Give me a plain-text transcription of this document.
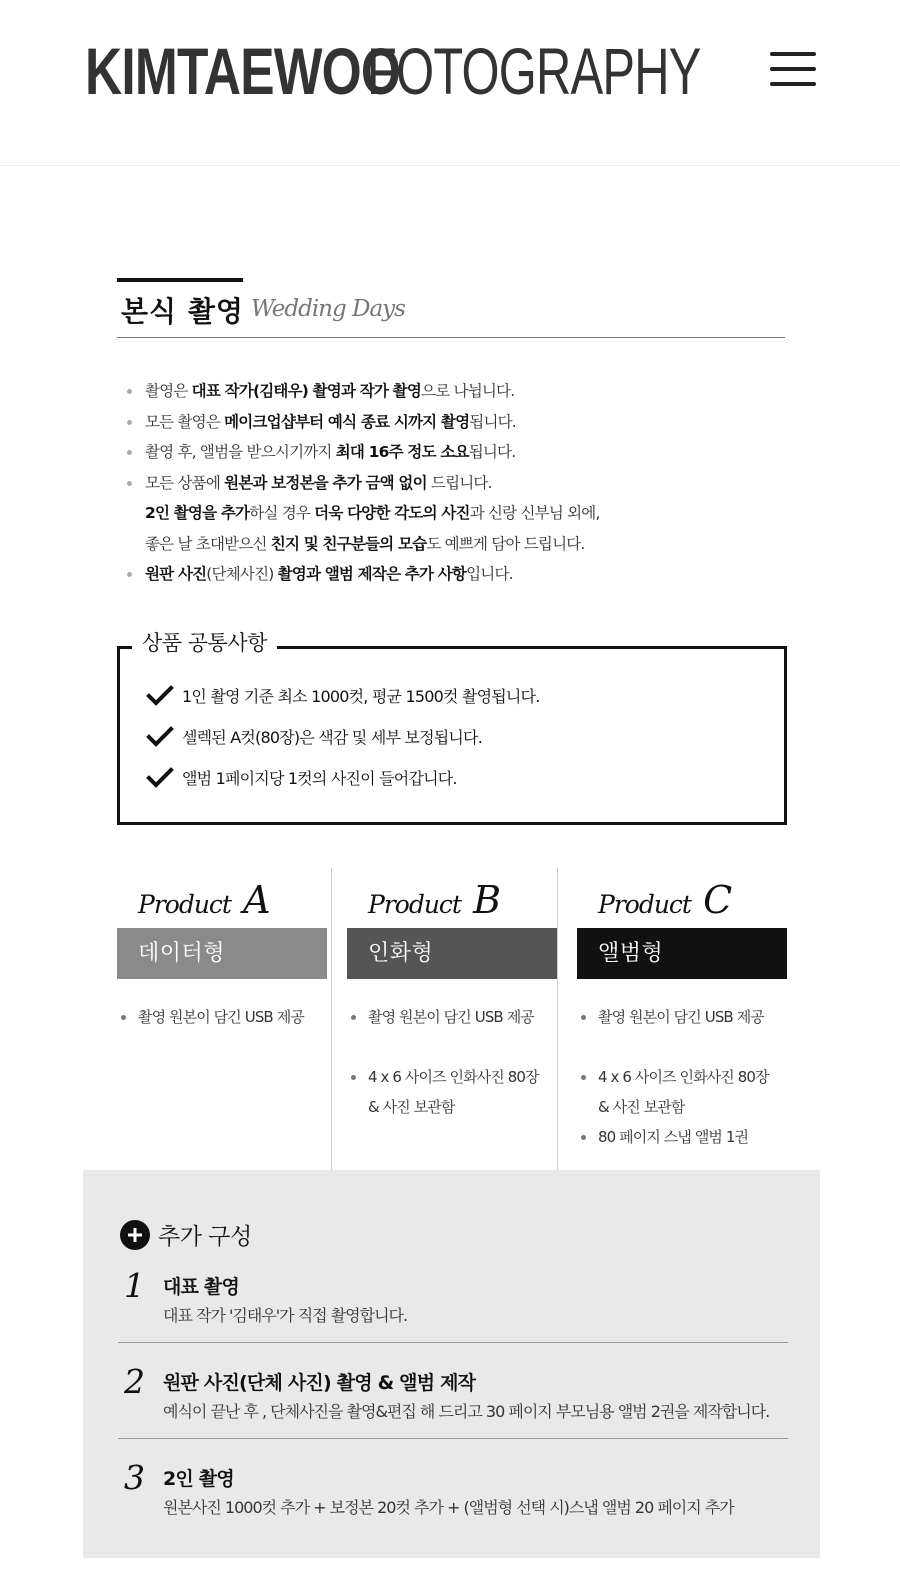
KIMTAEWOO
FOTOGRAPHY
본식 촬영 Wedding Days
촬영은 대표 작가(김태우) 촬영과 작가 촬영으로 나뉩니다.
모든 촬영은 메이크업샵부터 예식 종료 시까지 촬영됩니다.
촬영 후, 앨범을 받으시기까지 최대 16주 정도 소요됩니다.
모든 상품에 원본과 보정본을 추가 금액 없이 드립니다.
2인 촬영을 추가하실 경우 더욱 다양한 각도의 사진과 신랑 신부님 외에,
좋은 날 초대받으신 친지 및 친구분들의 모습도 예쁘게 담아 드립니다.
원판 사진(단체사진) 촬영과 앨범 제작은 추가 사항입니다.
상품 공통사항
1인 촬영 기준 최소 1000컷, 평균 1500컷 촬영됩니다.
셀렉된 A컷(80장)은 색감 및 세부 보정됩니다.
앨범 1페이지당 1컷의 사진이 들어갑니다.
Product A
데이터형
촬영 원본이 담긴 USB 제공
Product B
인화형
촬영 원본이 담긴 USB 제공
4 x 6 사이즈 인화사진 80장
& 사진 보관함
Product C
앨범형
촬영 원본이 담긴 USB 제공
4 x 6 사이즈 인화사진 80장
& 사진 보관함
80 페이지 스냅 앨범 1권
추가 구성
1 대표 촬영
대표 작가 '김태우'가 직접 촬영합니다.
2 원판 사진(단체 사진) 촬영 & 앨범 제작
예식이 끝난 후 , 단체사진을 촬영&편집 해 드리고 30 페이지 부모님용 앨범 2권을 제작합니다.
3 2인 촬영
원본사진 1000컷 추가 + 보정본 20컷 추가 + (앨범형 선택 시)스냅 앨범 20 페이지 추가
